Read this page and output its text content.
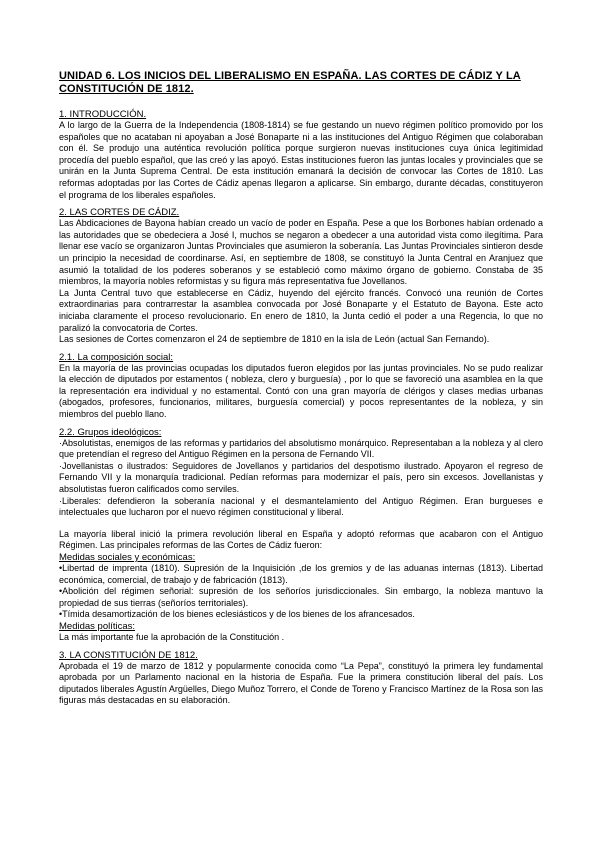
UNIDAD 6. LOS INICIOS DEL LIBERALISMO EN ESPAÑA. LAS CORTES DE CÁDIZ Y LA CONSTITUCIÓN DE 1812.
1. INTRODUCCIÓN.

A lo largo de la Guerra de la Independencia (1808-1814) se fue gestando un nuevo régimen político promovido por los españoles que no acataban ni apoyaban a José Bonaparte ni a las instituciones del Antiguo Régimen que colaboraban con él. Se produjo una auténtica revolución política porque surgieron nuevas instituciones cuya única legitimidad procedía del pueblo español, que las creó y las apoyó. Estas instituciones fueron las juntas locales y provinciales que se unirán en la Junta Suprema Central. De esta institución emanará la decisión de convocar las Cortes de 1810. Las reformas adoptadas por las Cortes de Cádiz apenas llegaron a aplicarse. Sin embargo, durante décadas, constituyeron el programa de los liberales españoles.

2. LAS CORTES DE CÁDIZ.

Las Abdicaciones de Bayona habían creado un vacío de poder en España. Pese a que los Borbones habían ordenado a las autoridades que se obedeciera a José I, muchos se negaron a obedecer a una autoridad vista como ilegítima. Para llenar ese vacío se organizaron Juntas Provinciales que asumieron la soberanía. Las Juntas Provinciales sintieron desde un principio la necesidad de coordinarse. Así, en septiembre de 1808, se constituyó la Junta Central en Aranjuez que asumió la totalidad de los poderes soberanos y se estableció como máximo órgano de gobierno. Constaba de 35 miembros, la mayoría nobles reformistas y su figura más representativa fue Jovellanos.

La Junta Central tuvo que establecerse en Cádiz, huyendo del ejército francés. Convocó una reunión de Cortes extraordinarias para contrarrestar la asamblea convocada por José Bonaparte y el Estatuto de Bayona. Este acto iniciaba claramente el proceso revolucionario. En enero de 1810, la Junta cedió el poder a una Regencia, lo que no paralizó la convocatoria de Cortes.

Las sesiones de Cortes comenzaron el 24 de septiembre de 1810 en la isla de León (actual San Fernando).

2.1. La composición social:

En la mayoría de las provincias ocupadas los diputados fueron elegidos por las juntas provinciales. No se pudo realizar la elección de diputados por estamentos ( nobleza, clero y burguesía) , por lo que se favoreció una asamblea en la que la representación era individual y no estamental. Contó con una gran mayoría de clérigos y clases medias urbanas (abogados, profesores, funcionarios, militares, burguesía comercial) y pocos representantes de la nobleza, y sin miembros del pueblo llano.

2.2. Grupos ideológicos:

·Absolutistas, enemigos de las reformas y partidarios del absolutismo monárquico. Representaban a la nobleza y al clero que pretendían el regreso del Antiguo Régimen en la persona de Fernando VII.

·Jovellanistas o ilustrados: Seguidores de Jovellanos y partidarios del despotismo ilustrado. Apoyaron el regreso de Fernando VII y la monarquía tradicional. Pedían reformas para modernizar el país, pero sin excesos. Jovellanistas y absolutistas fueron calificados como serviles.

·Liberales: defendieron la soberanía nacional y el desmantelamiento del Antiguo Régimen. Eran burgueses e intelectuales que lucharon por el nuevo régimen constitucional y liberal.

La mayoría liberal inició la primera revolución liberal en España y adoptó reformas que acabaron con el Antiguo Régimen. Las principales reformas de las Cortes de Cádiz fueron:

Medidas sociales y económicas:

•Libertad de imprenta (1810). Supresión de la Inquisición ,de los gremios y de las aduanas internas (1813). Libertad económica, comercial, de trabajo y de fabricación (1813).

•Abolición del régimen señorial: supresión de los señoríos jurisdiccionales. Sin embargo, la nobleza mantuvo la propiedad de sus tierras (señoríos territoriales).

•Tímida desamortización de los bienes eclesiásticos y de los bienes de los afrancesados.

Medidas políticas:

La más importante fue la aprobación de la Constitución .

3. LA CONSTITUCIÓN DE 1812.

Aprobada el 19 de marzo de 1812 y popularmente conocida como “La Pepa”, constituyó la primera ley fundamental aprobada por un Parlamento nacional en la historia de España. Fue la primera constitución liberal del país. Los diputados liberales Agustín Argüelles, Diego Muñoz Torrero, el Conde de Toreno y Francisco Martínez de la Rosa son las figuras más destacadas en su elaboración.
